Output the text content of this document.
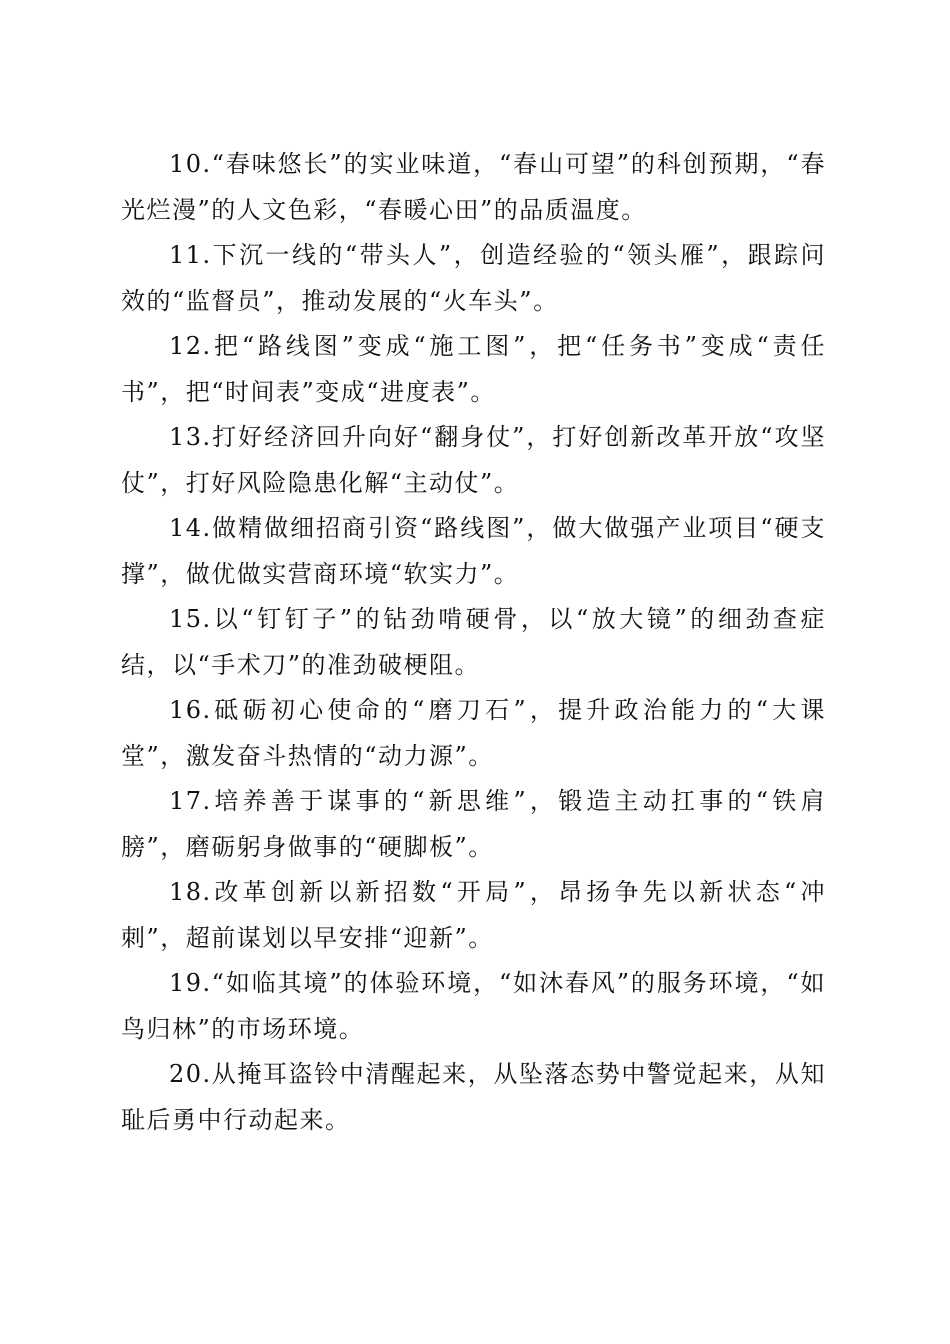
10.“春味悠长”的实业味道，“春山可望”的科创预期，“春光烂漫”的人文色彩，“春暖心田”的品质温度。

11.下沉一线的“带头人”，创造经验的“领头雁”，跟踪问效的“监督员”，推动发展的“火车头”。

12.把“路线图”变成“施工图”，把“任务书”变成“责任书”，把“时间表”变成“进度表”。

13.打好经济回升向好“翻身仗”，打好创新改革开放“攻坚仗”，打好风险隐患化解“主动仗”。

14.做精做细招商引资“路线图”，做大做强产业项目“硬支撑”，做优做实营商环境“软实力”。

15.以“钉钉子”的钻劲啃硬骨，以“放大镜”的细劲查症结，以“手术刀”的准劲破梗阻。

16.砥砺初心使命的“磨刀石”，提升政治能力的“大课堂”，激发奋斗热情的“动力源”。

17.培养善于谋事的“新思维”，锻造主动扛事的“铁肩膀”，磨砺躬身做事的“硬脚板”。

18.改革创新以新招数“开局”，昂扬争先以新状态“冲刺”，超前谋划以早安排“迎新”。

19.“如临其境”的体验环境，“如沐春风”的服务环境，“如鸟归林”的市场环境。

20.从掩耳盗铃中清醒起来，从坠落态势中警觉起来，从知耻后勇中行动起来。
